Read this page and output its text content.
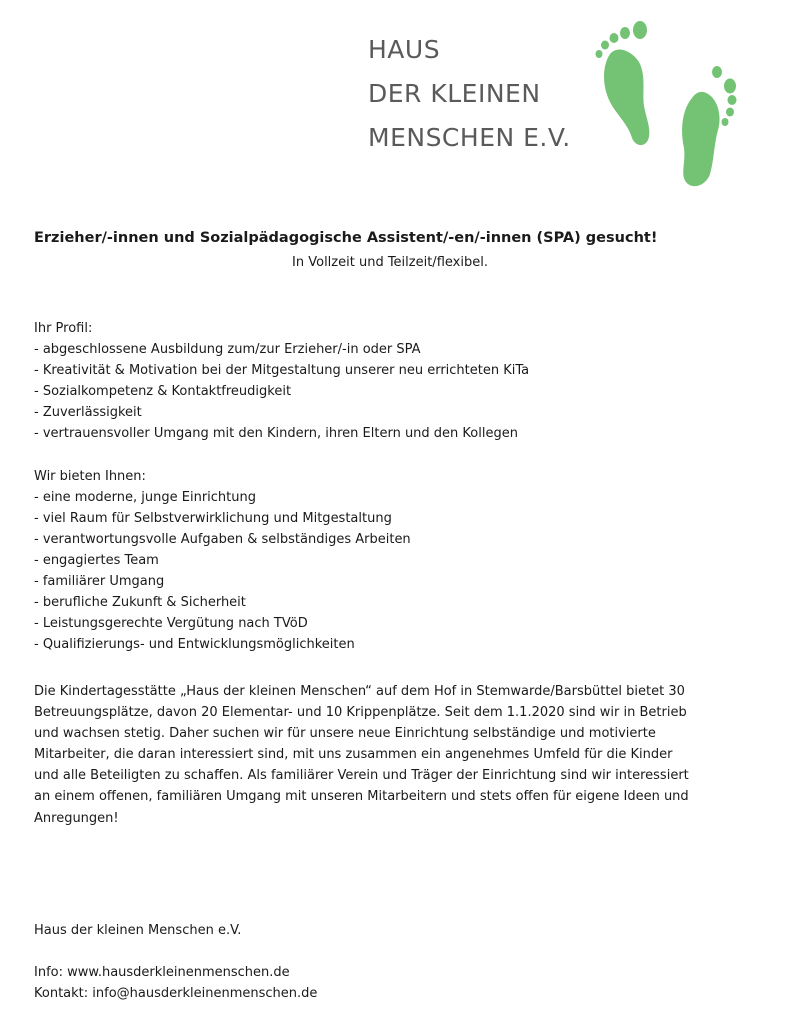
HAUS
DER KLEINEN
MENSCHEN E.V.
Erzieher/-innen und Sozialpädagogische Assistent/-en/-innen (SPA) gesucht!
In Vollzeit und Teilzeit/flexibel.

Ihr Profil:

- abgeschlossene Ausbildung zum/zur Erzieher/-in oder SPA
- Kreativität & Motivation bei der Mitgestaltung unserer neu errichteten KiTa
- Sozialkompetenz & Kontaktfreudigkeit
- Zuverlässigkeit
- vertrauensvoller Umgang mit den Kindern, ihren Eltern und den Kollegen

Wir bieten Ihnen:

- eine moderne, junge Einrichtung
- viel Raum für Selbstverwirklichung und Mitgestaltung
- verantwortungsvolle Aufgaben & selbständiges Arbeiten
- engagiertes Team
- familiärer Umgang
- berufliche Zukunft & Sicherheit
- Leistungsgerechte Vergütung nach TVöD
- Qualifizierungs- und Entwicklungsmöglichkeiten
Die Kindertagesstätte „Haus der kleinen Menschen“ auf dem Hof in Stemwarde/Barsbüttel bietet 30
Betreuungsplätze, davon 20 Elementar- und 10 Krippenplätze. Seit dem 1.1.2020 sind wir in Betrieb
und wachsen stetig. Daher suchen wir für unsere neue Einrichtung selbständige und motivierte
Mitarbeiter, die daran interessiert sind, mit uns zusammen ein angenehmes Umfeld für die Kinder
und alle Beteiligten zu schaffen. Als familiärer Verein und Träger der Einrichtung sind wir interessiert
an einem offenen, familiären Umgang mit unseren Mitarbeitern und stets offen für eigene Ideen und
Anregungen!
Haus der kleinen Menschen e.V.
Info: www.hausderkleinenmenschen.de
Kontakt: info@hausderkleinenmenschen.de
